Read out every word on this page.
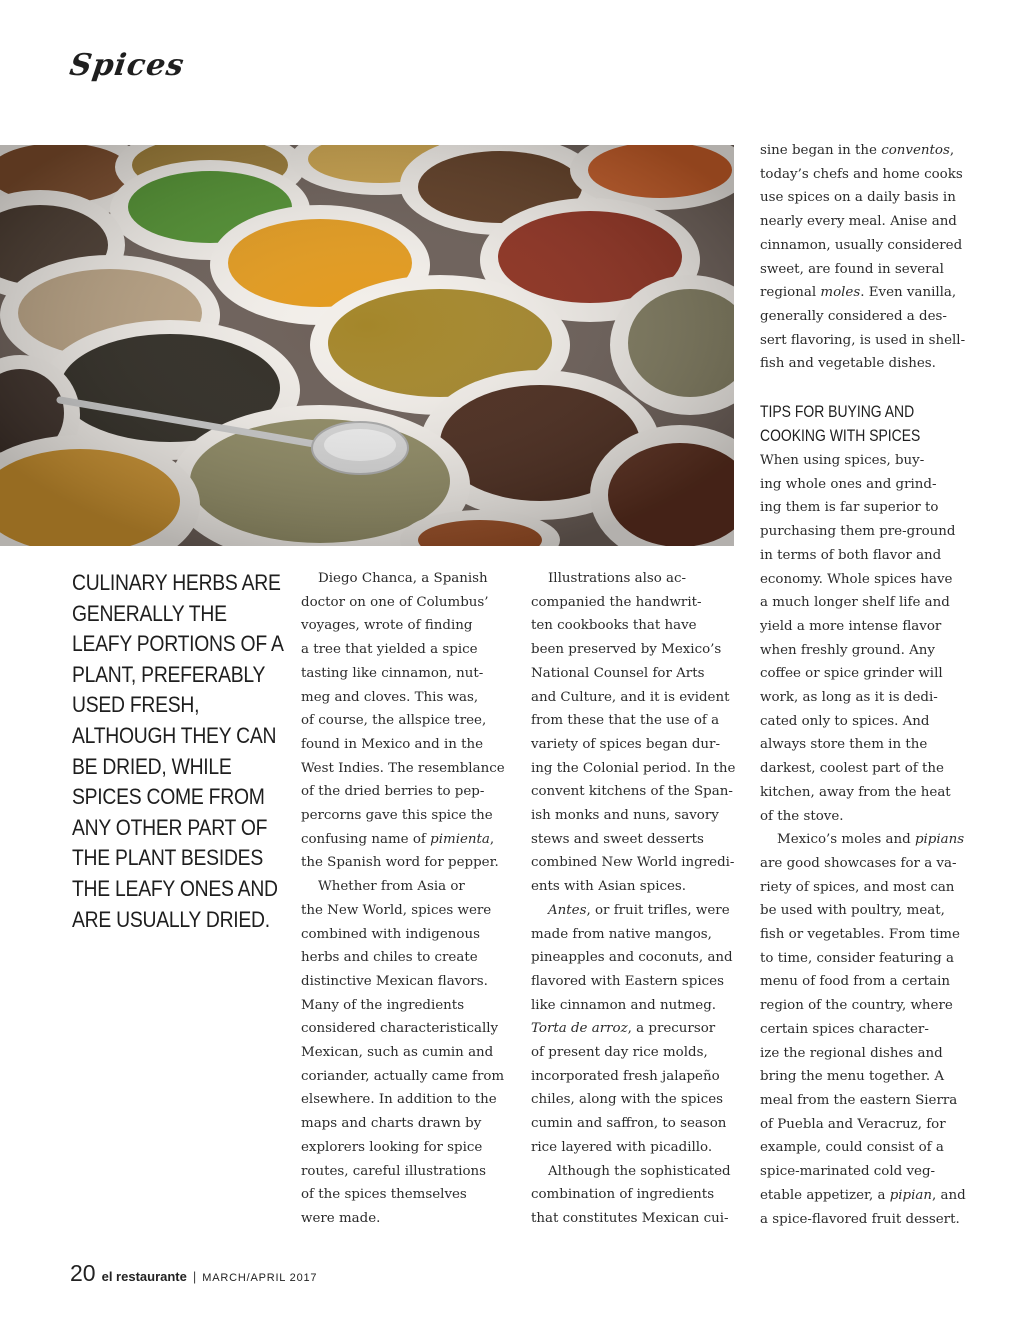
Spices
CULINARY HERBS ARE GENERALLY THE LEAFY PORTIONS OF A PLANT, PREFERABLY USED FRESH, ALTHOUGH THEY CAN BE DRIED, WHILE SPICES COME FROM ANY OTHER PART OF THE PLANT BESIDES THE LEAFY ONES AND ARE USUALLY DRIED.
Diego Chanca, a Spanish
doctor on one of Columbus’
voyages, wrote of finding
a tree that yielded a spice
tasting like cinnamon, nut-
meg and cloves. This was,
of course, the allspice tree,
found in Mexico and in the
West Indies. The resemblance
of the dried berries to pep-
percorns gave this spice the
confusing name of pimienta,
the Spanish word for pepper.
Whether from Asia or
the New World, spices were
combined with indigenous
herbs and chiles to create
distinctive Mexican flavors.
Many of the ingredients
considered characteristically
Mexican, such as cumin and
coriander, actually came from
elsewhere. In addition to the
maps and charts drawn by
explorers looking for spice
routes, careful illustrations
of the spices themselves
were made.
Illustrations also ac-
companied the handwrit-
ten cookbooks that have
been preserved by Mexico’s
National Counsel for Arts
and Culture, and it is evident
from these that the use of a
variety of spices began dur-
ing the Colonial period. In the
convent kitchens of the Span-
ish monks and nuns, savory
stews and sweet desserts
combined New World ingredi-
ents with Asian spices.
Antes, or fruit trifles, were
made from native mangos,
pineapples and coconuts, and
flavored with Eastern spices
like cinnamon and nutmeg.
Torta de arroz, a precursor
of present day rice molds,
incorporated fresh jalapeño
chiles, along with the spices
cumin and saffron, to season
rice layered with picadillo.
Although the sophisticated
combination of ingredients
that constitutes Mexican cui-
sine began in the conventos,
today’s chefs and home cooks
use spices on a daily basis in
nearly every meal. Anise and
cinnamon, usually considered
sweet, are found in several
regional moles. Even vanilla,
generally considered a des-
sert flavoring, is used in shell-
fish and vegetable dishes.
TIPS FOR BUYING AND
COOKING WITH SPICES
When using spices, buy-
ing whole ones and grind-
ing them is far superior to
purchasing them pre-ground
in terms of both flavor and
economy. Whole spices have
a much longer shelf life and
yield a more intense flavor
when freshly ground. Any
coffee or spice grinder will
work, as long as it is dedi-
cated only to spices. And
always store them in the
darkest, coolest part of the
kitchen, away from the heat
of the stove.
Mexico’s moles and pipians
are good showcases for a va-
riety of spices, and most can
be used with poultry, meat,
fish or vegetables. From time
to time, consider featuring a
menu of food from a certain
region of the country, where
certain spices character-
ize the regional dishes and
bring the menu together. A
meal from the eastern Sierra
of Puebla and Veracruz, for
example, could consist of a
spice-marinated cold veg-
etable appetizer, a pipian, and
a spice-flavored fruit dessert.
20 el restaurante | MARCH/APRIL 2017
